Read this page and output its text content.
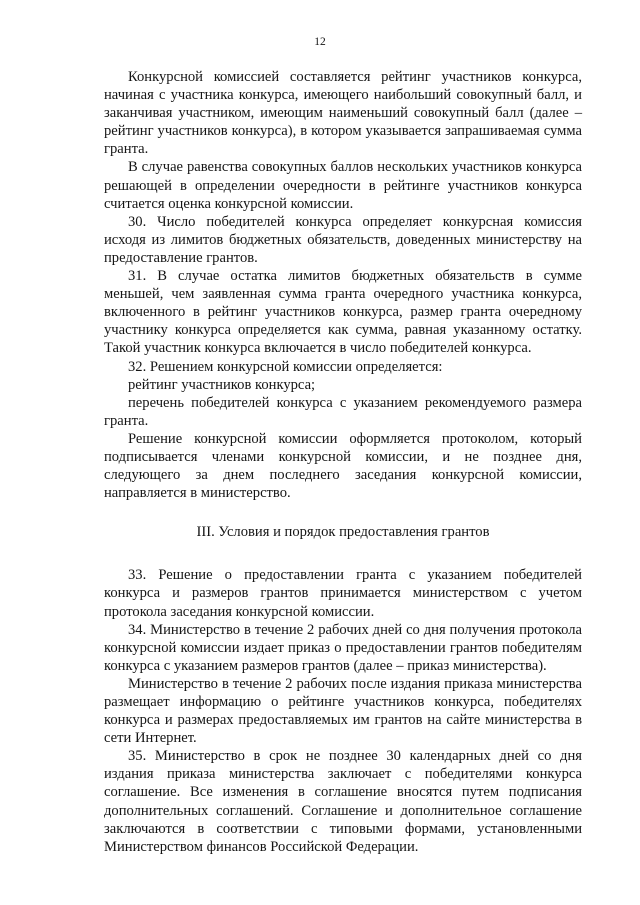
12

Конкурсной комиссией составляется рейтинг участников конкурса, начиная с участника конкурса, имеющего наибольший совокупный балл, и заканчивая участником, имеющим наименьший совокупный балл (далее – рейтинг участников конкурса), в котором указывается запрашиваемая сумма гранта.

В случае равенства совокупных баллов нескольких участников конкурса решающей в определении очередности в рейтинге участников конкурса считается оценка конкурсной комиссии.

30. Число победителей конкурса определяет конкурсная комиссия исходя из лимитов бюджетных обязательств, доведенных министерству на предоставление грантов.

31. В случае остатка лимитов бюджетных обязательств в сумме меньшей, чем заявленная сумма гранта очередного участника конкурса, включенного в рейтинг участников конкурса, размер гранта очередному участнику конкурса определяется как сумма, равная указанному остатку. Такой участник конкурса включается в число победителей конкурса.

32. Решением конкурсной комиссии определяется:

рейтинг участников конкурса;

перечень победителей конкурса с указанием рекомендуемого размера гранта.

Решение конкурсной комиссии оформляется протоколом, который подписывается членами конкурсной комиссии, и не позднее дня, следующего за днем последнего заседания конкурсной комиссии, направляется в министерство.

III. Условия и порядок предоставления грантов

33. Решение о предоставлении гранта с указанием победителей конкурса и размеров грантов принимается министерством с учетом протокола заседания конкурсной комиссии.

34. Министерство в течение 2 рабочих дней со дня получения протокола конкурсной комиссии издает приказ о предоставлении грантов победителям конкурса с указанием размеров грантов (далее – приказ министерства).

Министерство в течение 2 рабочих после издания приказа министерства размещает информацию о рейтинге участников конкурса, победителях конкурса и размерах предоставляемых им грантов на сайте министерства в сети Интернет.

35. Министерство в срок не позднее 30 календарных дней со дня издания приказа министерства заключает с победителями конкурса соглашение. Все изменения в соглашение вносятся путем подписания дополнительных соглашений. Соглашение и дополнительное соглашение заключаются в соответствии с типовыми формами, установленными Министерством финансов Российской Федерации.
